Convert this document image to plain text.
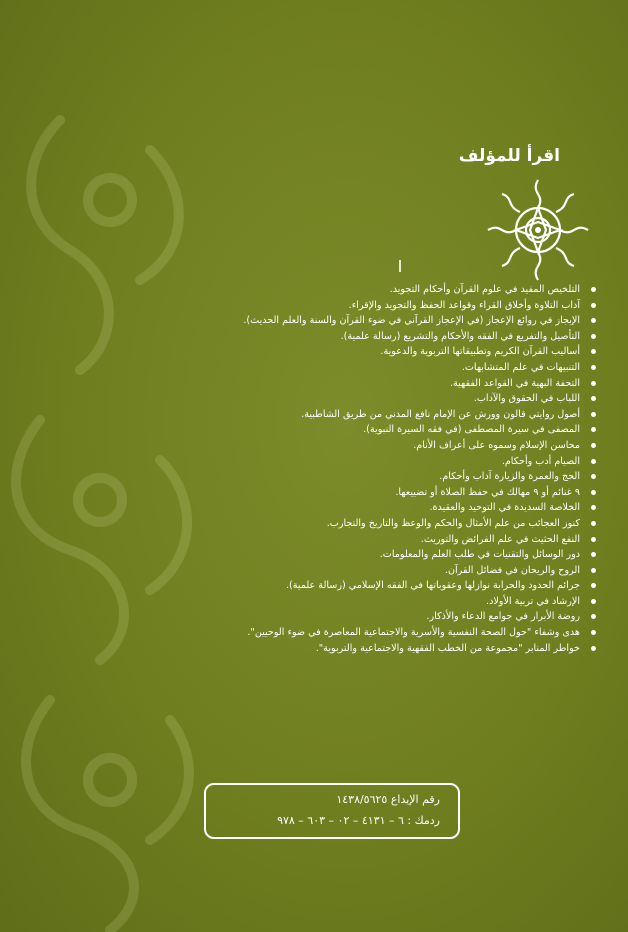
اقرأ للمؤلف
التلخيص المفيد في علوم القرآن وأحكام التجويد.
آداب التلاوة وأخلاق القراء وقواعد الحفظ والتجويد والإقراء.
الإيجاز في روائع الإعجاز (في الإعجاز القرآني في ضوء القرآن والسنة والعلم الحديث).
التأصيل والتفريع في الفقه والأحكام والتشريع (رسالة علمية).
أساليب القرآن الكريم وتطبيقاتها التربوية والدعوية.
التنبيهات في علم المتشابهات.
التحفة البهية في القواعد الفقهية.
اللباب في الحقوق والآداب.
أصول روايتي قالون وورش عن الإمام نافع المدني من طريق الشاطبية.
المصفى في سيرة المصطفى (في فقه السيرة النبوية).
محاسن الإسلام وسموه على أعراف الأنام.
الصيام أدب وأحكام.
الحج والعمرة والزيارة آداب وأحكام.
٩ غنائم أو ٩ مهالك في حفظ الصلاة أو تضييعها.
الخلاصة السديدة في التوحيد والعقيدة.
كنوز العجائب من علم الأمثال والحكم والوعظ والتاريخ والتجارب.
النفع الحثيث في علم الفرائض والتوريث.
دور الوسائل والتقنيات في طلب العلم والمعلومات.
الروح والريحان في فضائل القرآن.
جرائم الحدود والحرابة نوازلها وعقوباتها في الفقه الإسلامي (رسالة علمية).
الإرشاد في تربية الأولاد.
روضة الأبرار في جوامع الدعاء والأذكار.
هدى وشفاء "حول الصحة النفسية والأسرية والاجتماعية المعاصرة في ضوء الوحيين".
خواطر المنابر "مجموعة من الخطب الفقهية والاجتماعية والتربوية".
رقم الإيداع ١٤٣٨/٥٦٢٥
ردمك : ٦ – ٤١٣١ – ٠٢ – ٦٠٣ – ٩٧٨
